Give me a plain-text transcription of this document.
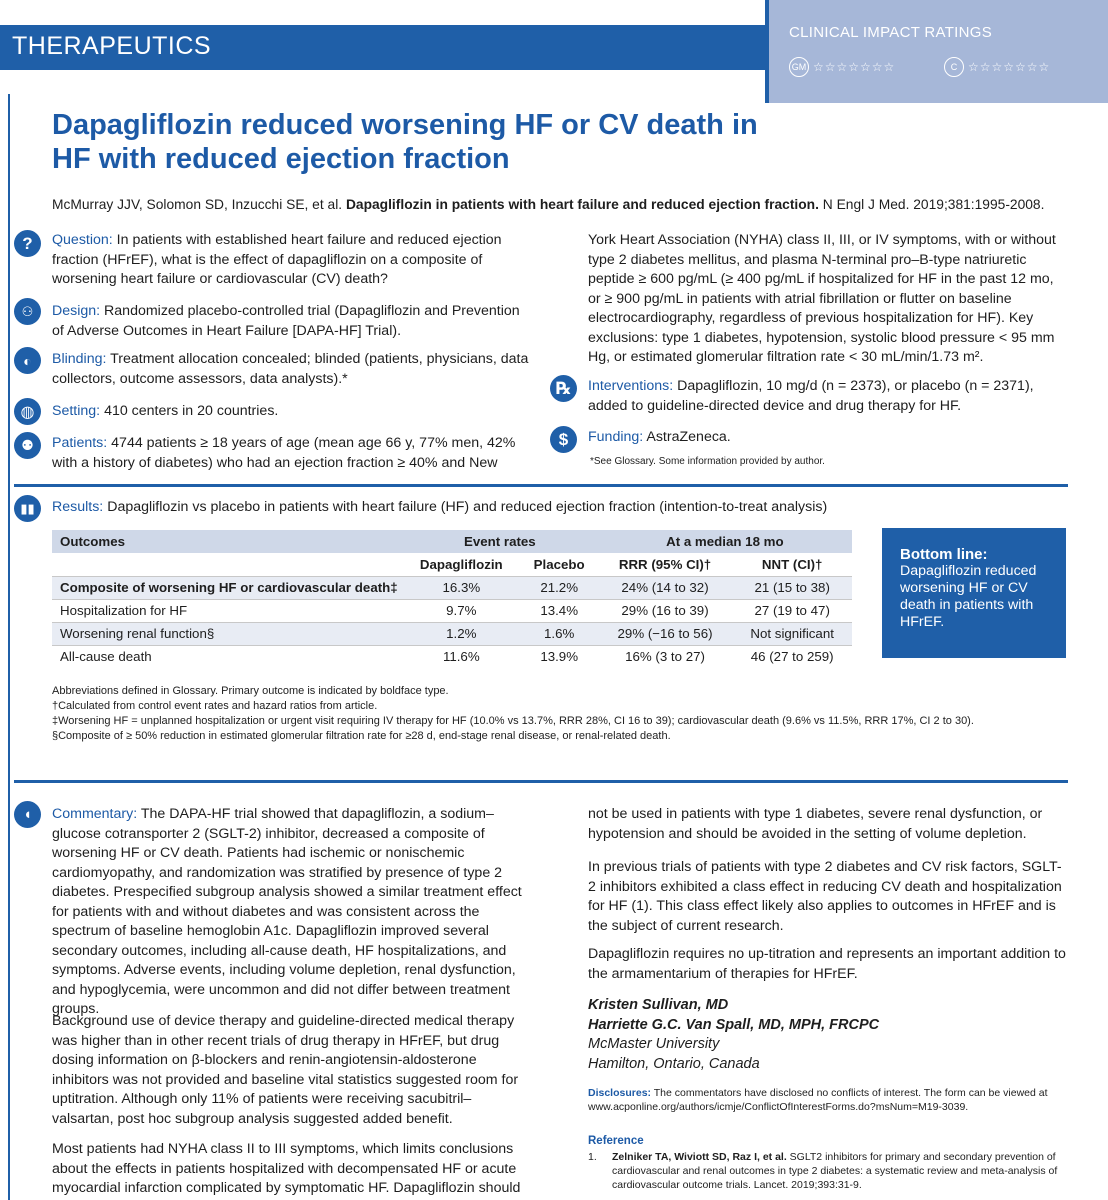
THERAPEUTICS	CLINICAL IMPACT RATINGS
GM ☆☆☆☆☆☆☆	C ☆☆☆☆☆☆☆
Dapagliflozin reduced worsening HF or CV death in HF with reduced ejection fraction
McMurray JJV, Solomon SD, Inzucchi SE, et al. Dapagliflozin in patients with heart failure and reduced ejection fraction. N Engl J Med. 2019;381:1995-2008.
?	Question: In patients with established heart failure and reduced ejection fraction (HFrEF), what is the effect of dapagliflozin on a composite of worsening heart failure or cardiovascular (CV) death?
⚇	Design: Randomized placebo-controlled trial (Dapagliflozin and Prevention of Adverse Outcomes in Heart Failure [DAPA-HF] Trial).
◐	Blinding: Treatment allocation concealed; blinded (patients, physicians, data collectors, outcome assessors, data analysts).*
◍	Setting: 410 centers in 20 countries.
⚉	Patients: 4744 patients ≥ 18 years of age (mean age 66 y, 77% men, 42% with a history of diabetes) who had an ejection fraction ≥ 40% and New
York Heart Association (NYHA) class II, III, or IV symptoms, with or without type 2 diabetes mellitus, and plasma N-terminal pro–B-type natriuretic peptide ≥ 600 pg/mL (≥ 400 pg/mL if hospitalized for HF in the past 12 mo, or ≥ 900 pg/mL in patients with atrial fibrillation or flutter on baseline electrocardiography, regardless of previous hospitalization for HF). Key exclusions: type 1 diabetes, hypotension, systolic blood pressure < 95 mm Hg, or estimated glomerular filtration rate < 30 mL/min/1.73 m².
℞	Interventions: Dapagliflozin, 10 mg/d (n = 2373), or placebo (n = 2371), added to guideline-directed device and drug therapy for HF.
$	Funding: AstraZeneca.
*See Glossary. Some information provided by author.
▮▮	Results: Dapagliflozin vs placebo in patients with heart failure (HF) and reduced ejection fraction (intention-to-treat analysis)
Outcomes	Event rates		At a median 18 mo	
	Dapagliflozin	Placebo	RRR (95% CI)†	NNT (CI)†
Composite of worsening HF or cardiovascular death‡	16.3%	21.2%	24% (14 to 32)	21 (15 to 38)
Hospitalization for HF	9.7%	13.4%	29% (16 to 39)	27 (19 to 47)
Worsening renal function§	1.2%	1.6%	29% (−16 to 56)	Not significant
All-cause death	11.6%	13.9%	16% (3 to 27)	46 (27 to 259)
Bottom line:
Dapagliflozin reduced worsening HF or CV death in patients with HFrEF.
Abbreviations defined in Glossary. Primary outcome is indicated by boldface type.
†Calculated from control event rates and hazard ratios from article.
‡Worsening HF = unplanned hospitalization or urgent visit requiring IV therapy for HF (10.0% vs 13.7%, RRR 28%, CI 16 to 39); cardiovascular death (9.6% vs 11.5%, RRR 17%, CI 2 to 30).
§Composite of ≥ 50% reduction in estimated glomerular filtration rate for ≥28 d, end-stage renal disease, or renal-related death.
◖	Commentary: The DAPA-HF trial showed that dapagliflozin, a sodium–glucose cotransporter 2 (SGLT-2) inhibitor, decreased a composite of worsening HF or CV death. Patients had ischemic or nonischemic cardiomyopathy, and randomization was stratified by presence of type 2 diabetes. Prespecified subgroup analysis showed a similar treatment effect for patients with and without diabetes and was consistent across the spectrum of baseline hemoglobin A1c. Dapagliflozin improved several secondary outcomes, including all-cause death, HF hospitalizations, and symptoms. Adverse events, including volume depletion, renal dysfunction, and hypoglycemia, were uncommon and did not differ between treatment groups.
Background use of device therapy and guideline-directed medical therapy was higher than in other recent trials of drug therapy in HFrEF, but drug dosing information on β-blockers and renin-angiotensin-aldosterone inhibitors was not provided and baseline vital statistics suggested room for uptitration. Although only 11% of patients were receiving sacubitril–valsartan, post hoc subgroup analysis suggested added benefit.
Most patients had NYHA class II to III symptoms, which limits conclusions about the effects in patients hospitalized with decompensated HF or acute myocardial infarction complicated by symptomatic HF. Dapagliflozin should
not be used in patients with type 1 diabetes, severe renal dysfunction, or hypotension and should be avoided in the setting of volume depletion.
In previous trials of patients with type 2 diabetes and CV risk factors, SGLT-2 inhibitors exhibited a class effect in reducing CV death and hospitalization for HF (1). This class effect likely also applies to outcomes in HFrEF and is the subject of current research.
Dapagliflozin requires no up-titration and represents an important addition to the armamentarium of therapies for HFrEF.
Kristen Sullivan, MD
Harriette G.C. Van Spall, MD, MPH, FRCPC
McMaster University
Hamilton, Ontario, Canada
Disclosures: The commentators have disclosed no conflicts of interest. The form can be viewed at www.acponline.org/authors/icmje/ConflictOfInterestForms.do?msNum=M19-3039.
Reference
1.	Zelniker TA, Wiviott SD, Raz I, et al. SGLT2 inhibitors for primary and secondary prevention of cardiovascular and renal outcomes in type 2 diabetes: a systematic review and meta-analysis of cardiovascular outcome trials. Lancet. 2019;393:31-9.
